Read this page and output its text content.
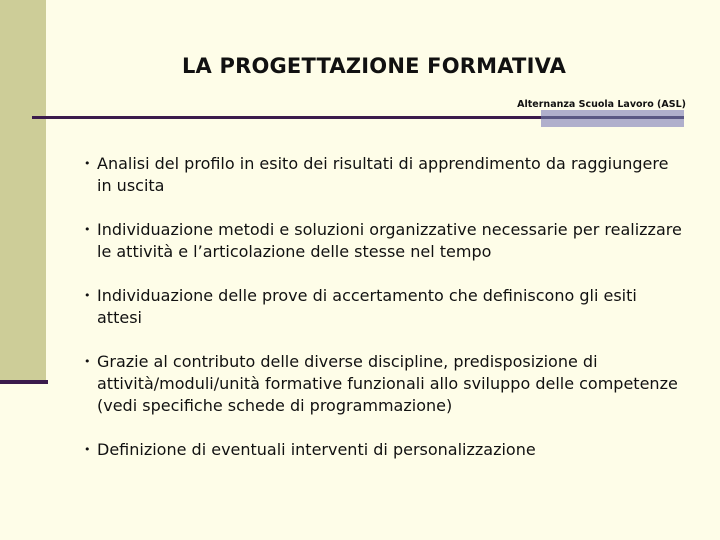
LA PROGETTAZIONE FORMATIVA
Alternanza Scuola Lavoro (ASL)
• Analisi del profilo in esito dei risultati di apprendimento da raggiungere in uscita
• Individuazione metodi e soluzioni organizzative necessarie per realizzare le attività e l’articolazione delle stesse nel tempo
• Individuazione delle prove di accertamento che definiscono gli esiti attesi
• Grazie al contributo delle diverse discipline, predisposizione di attività/moduli/unità formative funzionali allo sviluppo delle competenze (vedi specifiche schede di programmazione)
• Definizione di eventuali interventi di personalizzazione
